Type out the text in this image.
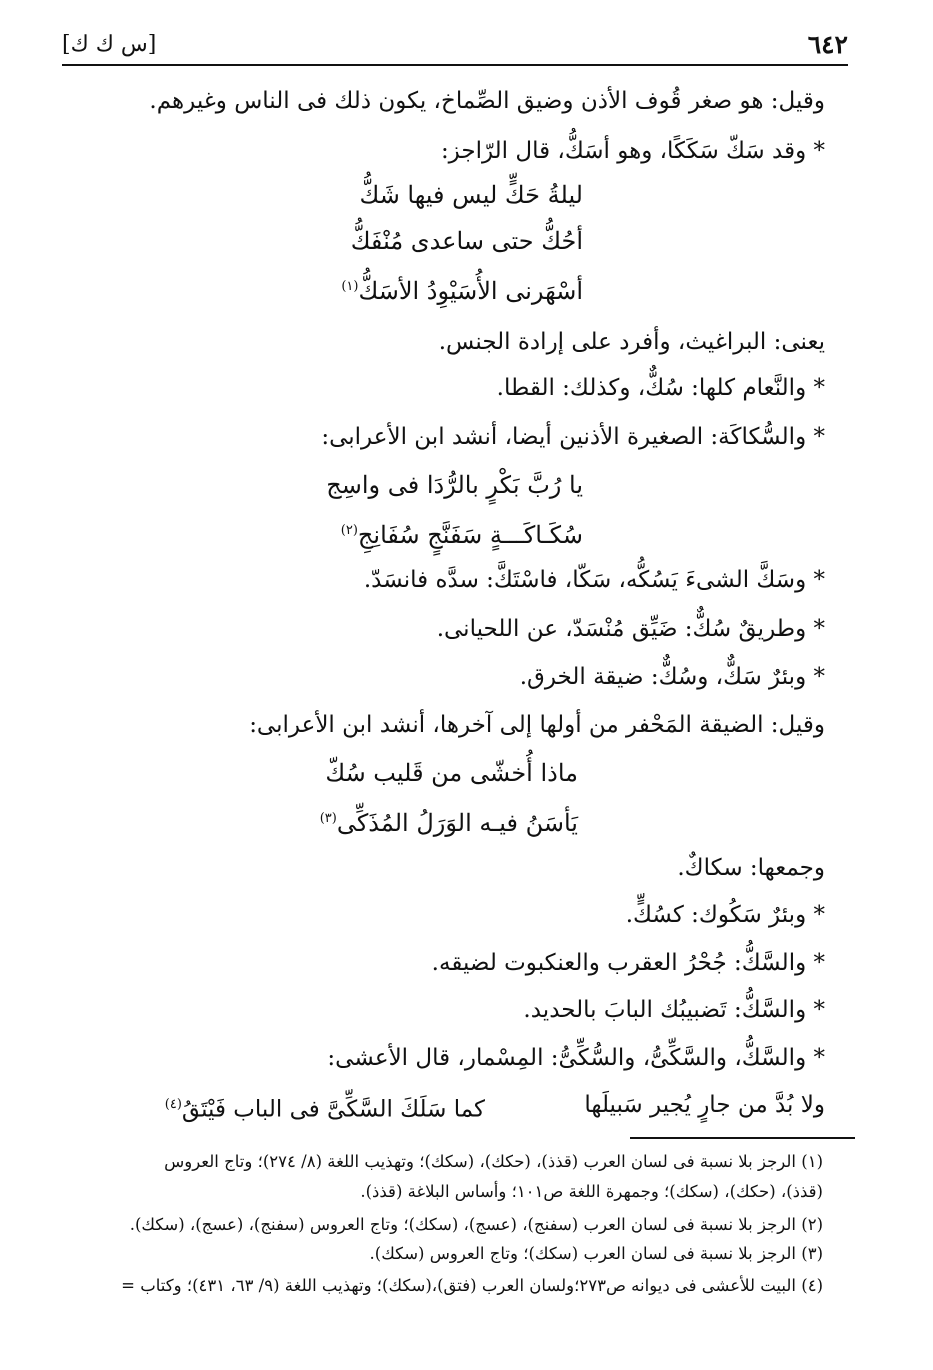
٦٤٢
[س ك ك]
وقيل: هو صغر قُوف الأذن وضيق الصِّماخ، يكون ذلك فى الناس وغيرهم.
* وقد سَكّ سَكَكًا، وهو أسَكُّ، قال الرّاجز:
ليلةُ حَكٍّ ليس فيها شَكُّ
أحُكُّ حتى ساعدى مُنْفَكُّ
أسْهَرنى الأُسَيْوِدُ الأسَكُّ$^{(١)}$
يعنى: البراغيث، وأفرد على إرادة الجنس.
* والنَّعام كلها: سُكٌّ، وكذلك: القطا.
* والسُّكاكَة: الصغيرة الأذنين أيضا، أنشد ابن الأعرابى:
يا رُبَّ بَكْرٍ بالرُّدَا فى واسِج
سُكَـاكَـــةٍ سَفَنَّجٍ سُفَانِجِ$^{(٢)}$
* وسَكَّ الشىءَ يَسُكُّه، سَكّا، فاسْتَكَّ: سدَّه فانسَدّ.
* وطريقٌ سُكٌّ: ضَيِّق مُنْسَدّ، عن اللحيانى.
* وبئرٌ سَكٌّ، وسُكٌّ: ضيقة الخرق.
وقيل: الضيقة المَحْفر من أولها إلى آخرها، أنشد ابن الأعرابى:
ماذا أُخشّى من قَليب سُكّ
يَأسَنُ فيـه الوَرَلُ المُذَكِّى$^{(٣)}$
وجمعها: سكاكٌ.
* وبئرٌ سَكُوك: كسُكٍّ.
* والسَّكُّ: جُحْرُ العقرب والعنكبوت لضيقه.
* والسَّكُّ: تَضبيبُك البابَ بالحديد.
* والسَّكُّ، والسَّكِّىُّ، والسُّكِّىُّ: المِسْمار، قال الأعشى:
ولا بُدَّ من جارٍ يُجير سَبيلَها
كما سَلَكَ السَّكِّىَّ فى الباب فَيْتَقُ$^{(٤)}$
(١) الرجز بلا نسبة فى لسان العرب (قذذ)، (حكك)، (سكك)؛ وتهذيب اللغة (٨/ ٢٧٤)؛ وتاج العروس
(قذذ)، (حكك)، (سكك)؛ وجمهرة اللغة ص١٠١؛ وأساس البلاغة (قذذ).
(٢) الرجز بلا نسبة فى لسان العرب (سفنج)، (عسج)، (سكك)؛ وتاج العروس (سفنج)، (عسج)، (سكك).
(٣) الرجز بلا نسبة فى لسان العرب (سكك)؛ وتاج العروس (سكك).
(٤) البيت للأعشى فى ديوانه ص٢٧٣؛ولسان العرب (فتق)،(سكك)؛ وتهذيب اللغة (٩/ ٦٣، ٤٣١)؛ وكتاب =
